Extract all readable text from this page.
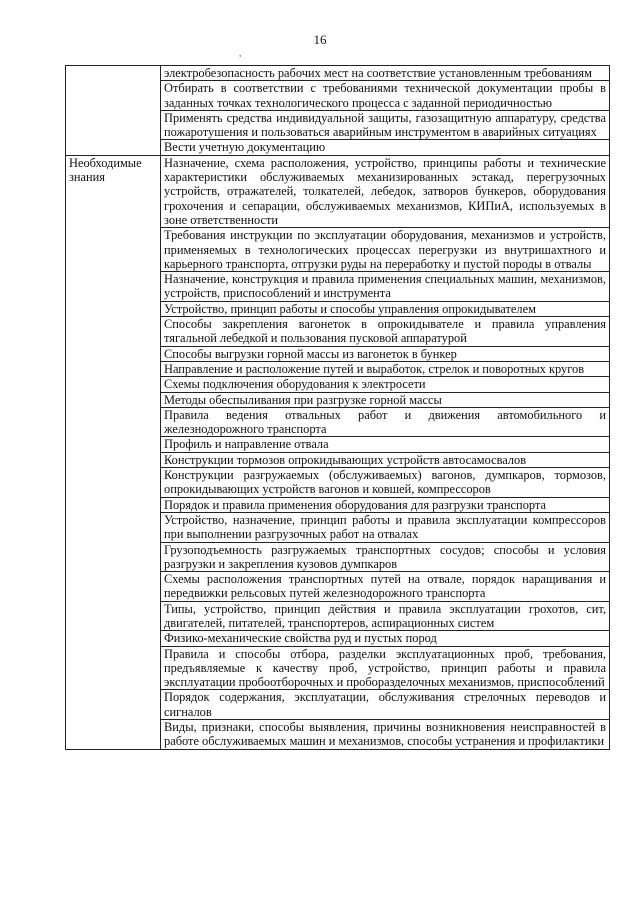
16
,
	электробезопасность рабочих мест на соответствие установленным требованиям
	Отбирать в соответствии с требованиями технической документации пробы в заданных точках технологического процесса с заданной периодичностью
	Применять средства индивидуальной защиты, газозащитную аппаратуру, средства пожаротушения и пользоваться аварийным инструментом в аварийных ситуациях
	Вести учетную документацию
Необходимые знания	Назначение, схема расположения, устройство, принципы работы и технические характеристики обслуживаемых механизированных эстакад, перегрузочных устройств, отражателей, толкателей, лебедок, затворов бункеров, оборудования грохочения и сепарации, обслуживаемых механизмов, КИПиА, используемых в зоне ответственности
	Требования инструкции по эксплуатации оборудования, механизмов и устройств, применяемых в технологических процессах перегрузки из внутришахтного и карьерного транспорта, отгрузки руды на переработку и пустой породы в отвалы
	Назначение, конструкция и правила применения специальных машин, механизмов, устройств, приспособлений и инструмента
	Устройство, принцип работы и способы управления опрокидывателем
	Способы закрепления вагонеток в опрокидывателе и правила управления тягальной лебедкой и пользования пусковой аппаратурой
	Способы выгрузки горной массы из вагонеток в бункер
	Направление и расположение путей и выработок, стрелок и поворотных кругов
	Схемы подключения оборудования к электросети
	Методы обеспыливания при разгрузке горной массы
	Правила ведения отвальных работ и движения автомобильного и железнодорожного транспорта
	Профиль и направление отвала
	Конструкции тормозов опрокидывающих устройств автосамосвалов
	Конструкции разгружаемых (обслуживаемых) вагонов, думпкаров, тормозов, опрокидывающих устройств вагонов и ковшей, компрессоров
	Порядок и правила применения оборудования для разгрузки транспорта
	Устройство, назначение, принцип работы и правила эксплуатации компрессоров при выполнении разгрузочных работ на отвалах
	Грузоподъемность разгружаемых транспортных сосудов; способы и условия разгрузки и закрепления кузовов думпкаров
	Схемы расположения транспортных путей на отвале, порядок наращивания и передвижки рельсовых путей железнодорожного транспорта
	Типы, устройство, принцип действия и правила эксплуатации грохотов, сит, двигателей, питателей, транспортеров, аспирационных систем
	Физико-механические свойства руд и пустых пород
	Правила и способы отбора, разделки эксплуатационных проб, требования, предъявляемые к качеству проб, устройство, принцип работы и правила эксплуатации пробоотборочных и проборазделочных механизмов, приспособлений
	Порядок содержания, эксплуатации, обслуживания стрелочных переводов и сигналов
	Виды, признаки, способы выявления, причины возникновения неисправностей в работе обслуживаемых машин и механизмов, способы устранения и профилактики
